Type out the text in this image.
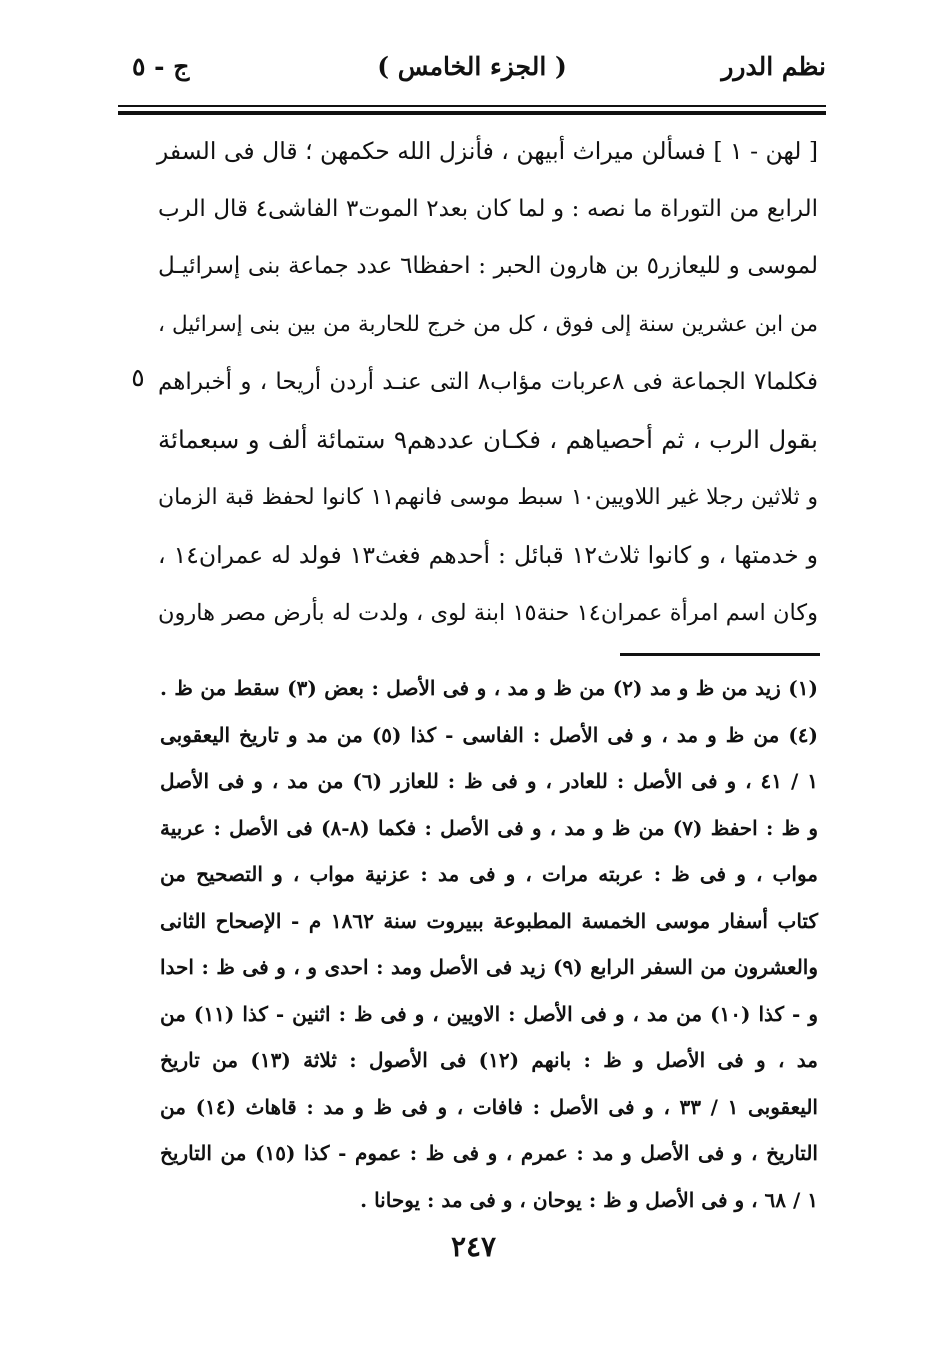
نظم الدرر
( الجزء الخامس )
ج - ٥
[ لهن - ١ ] فسألن ميراث أبيهن ، فأنزل الله حكمهن ؛ قال فى السفر
الرابع من التوراة ما نصه : و لما كان بعد٢ الموت٣ الفاشى٤ قال الرب
لموسى و لليعازر٥ بن هارون الحبر : احفظا٦ عدد جماعة بنى إسرائيـل
من ابن عشرين سنة إلى فوق ، كل من خرج للحاربة من بين بنى إسرائيل ،
فكلما٧ الجماعة فى ٨عربات مؤاب٨ التى عنـد أردن أريحا ، و أخبراهم
بقول الرب ، ثم أحصياهم ، فكـان عددهم٩ ستمائة ألف و سبعمائة
و ثلاثين رجلا غير اللاويين١٠ سبط موسى فانهم١١ كانوا لحفظ قبة الزمان
و خدمتها ، و كانوا ثلاث١٢ قبائل : أحدهم فغث١٣ فولد له عمران١٤ ،
وكان اسم امرأة عمران١٤ حنة١٥ ابنة لوى ، ولدت له بأرض مصر هارون
٥
(١) زيد من ظ و مد (٢) من ظ و مد ، و فى الأصل : بعض (٣) سقط من ظ .
(٤) من ظ و مد ، و فى الأصل : الفاسى - كذا (٥) من مد و تاريخ اليعقوبى
١ / ٤١ ، و فى الأصل : للعادر ، و فى ظ : للعازر (٦) من مد ، و فى الأصل
و ظ : احفظ (٧) من ظ و مد ، و فى الأصل : فكما (٨-٨) فى الأصل : عربية
مواب ، و فى ظ : عربته مرات ، و فى مد : عزنية مواب ، و التصحيح من
كتاب أسفار موسى الخمسة المطبوعة ببيروت سنة ١٨٦٢ م - الإصحاح الثانى
والعشرون من السفر الرابع (٩) زيد فى الأصل ومد : احدى و ، و فى ظ : احدا
و - كذا (١٠) من مد ، و فى الأصل : الاويين ، و فى ظ : اثنين - كذا (١١) من
مد ، و فى الأصل و ظ : بانهم (١٢) فى الأصول : ثلاثة (١٣) من تاريخ
اليعقوبى ١ / ٣٣ ، و فى الأصل : فافات ، و فى ظ و مد : قاهاث (١٤) من
التاريخ ، و فى الأصل و مد : عمرم ، و فى ظ : عموم - كذا (١٥) من التاريخ
١ / ٦٨ ، و فى الأصل و ظ : يوحان ، و فى مد : يوحانا .
٢٤٧
